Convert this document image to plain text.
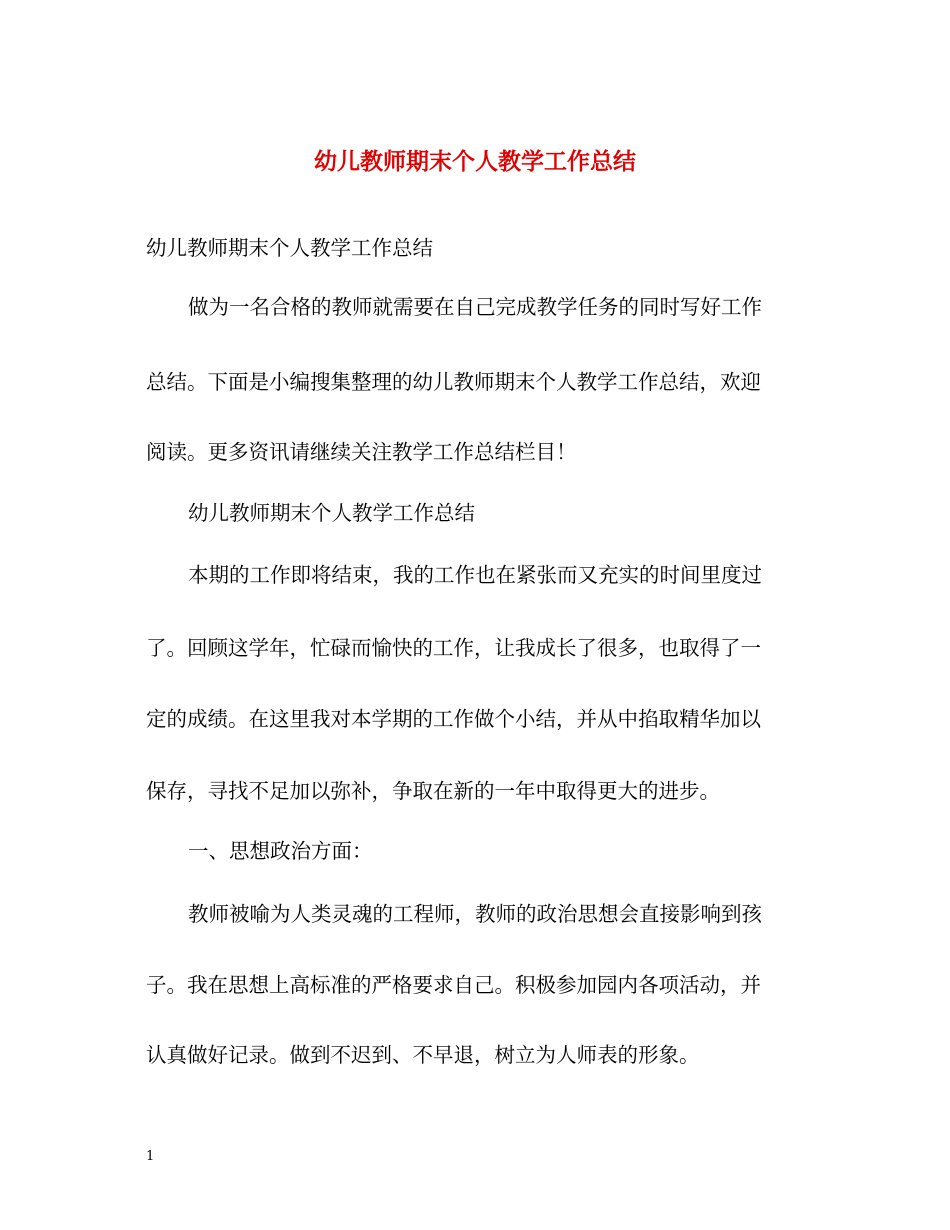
幼儿教师期末个人教学工作总结
幼儿教师期末个人教学工作总结
做为一名合格的教师就需要在自己完成教学任务的同时写好工作
总结。下面是小编搜集整理的幼儿教师期末个人教学工作总结，欢迎
阅读。更多资讯请继续关注教学工作总结栏目！
幼儿教师期末个人教学工作总结
本期的工作即将结束，我的工作也在紧张而又充实的时间里度过
了。回顾这学年，忙碌而愉快的工作，让我成长了很多，也取得了一
定的成绩。在这里我对本学期的工作做个小结，并从中掐取精华加以
保存，寻找不足加以弥补，争取在新的一年中取得更大的进步。
一、思想政治方面：
教师被喻为人类灵魂的工程师，教师的政治思想会直接影响到孩
子。我在思想上高标准的严格要求自己。积极参加园内各项活动，并
认真做好记录。做到不迟到、不早退，树立为人师表的形象。
1
